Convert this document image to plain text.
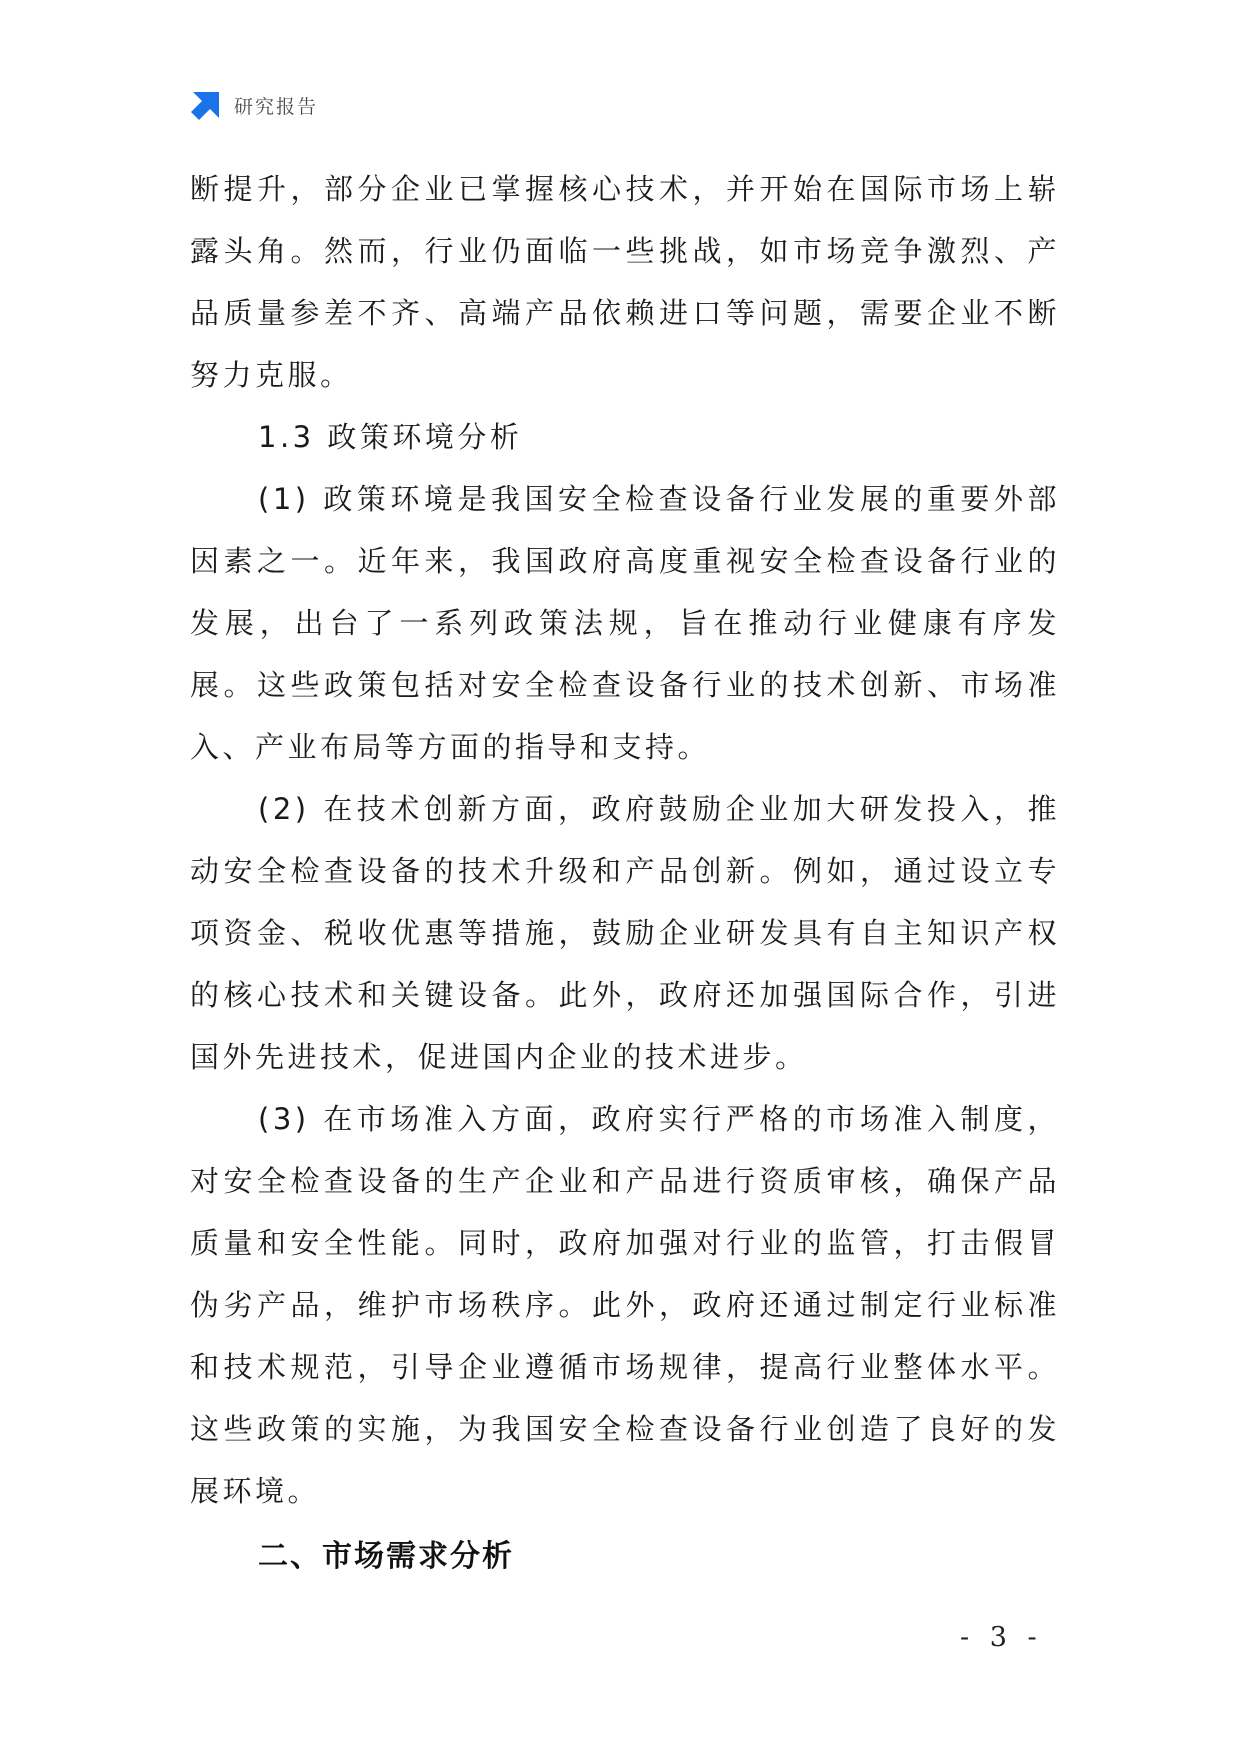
研究报告

断提升，部分企业已掌握核心技术，并开始在国际市场上崭露头角。然而，行业仍面临一些挑战，如市场竞争激烈、产品质量参差不齐、高端产品依赖进口等问题，需要企业不断努力克服。

1.3 政策环境分析

(1) 政策环境是我国安全检查设备行业发展的重要外部因素之一。近年来，我国政府高度重视安全检查设备行业的发展，出台了一系列政策法规，旨在推动行业健康有序发展。这些政策包括对安全检查设备行业的技术创新、市场准入、产业布局等方面的指导和支持。

(2) 在技术创新方面，政府鼓励企业加大研发投入，推动安全检查设备的技术升级和产品创新。例如，通过设立专项资金、税收优惠等措施，鼓励企业研发具有自主知识产权的核心技术和关键设备。此外，政府还加强国际合作，引进国外先进技术，促进国内企业的技术进步。

(3) 在市场准入方面，政府实行严格的市场准入制度，对安全检查设备的生产企业和产品进行资质审核，确保产品质量和安全性能。同时，政府加强对行业的监管，打击假冒伪劣产品，维护市场秩序。此外，政府还通过制定行业标准和技术规范，引导企业遵循市场规律，提高行业整体水平。这些政策的实施，为我国安全检查设备行业创造了良好的发展环境。

二、市场需求分析

- 3 -
